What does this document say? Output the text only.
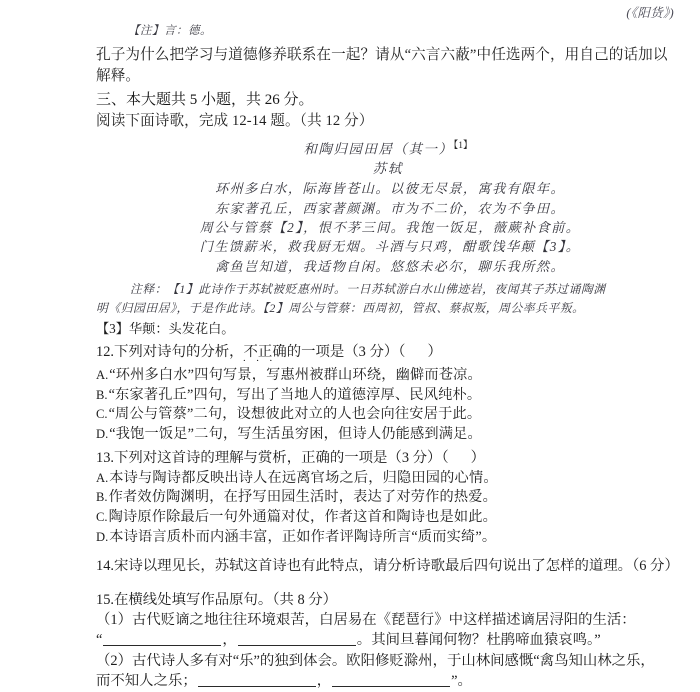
(《阳货》)
【注】言：德。
孔子为什么把学习与道德修养联系在一起？请从“六言六蔽”中任选两个，用自己的话加以
解释。
三、本大题共 5 小题，共 26 分。
阅读下面诗歌，完成 12-14 题。（共 12 分）
和陶归园田居（其一）$^{【1】}$
苏轼
环州多白水，际海皆苍山。以彼无尽景，寓我有限年。
东家著孔丘，西家著颜渊。市为不二价，农为不争田。
周公与管蔡【2】，恨不茅三间。我饱一饭足，薇蕨补食前。
门生馈薪米，救我厨无烟。斗酒与只鸡，酣歌饯华颠【3】。
禽鱼岂知道，我适物自闲。悠悠未必尔，聊乐我所然。
注释：【1】此诗作于苏轼被贬惠州时。一日苏轼游白水山佛迹岩，夜闻其子苏过诵陶渊
明《归园田居》，于是作此诗。【2】周公与管蔡：西周初，管叔、蔡叔叛，周公率兵平叛。
【3】华颠：头发花白。
12.下列对诗句的分析，不正确 · · ·的一项是（3 分）（ ）
A.“环州多白水”四句写景，写惠州被群山环绕，幽僻而苍凉。
B.“东家著孔丘”四句，写出了当地人的道德淳厚、民风纯朴。
C.“周公与管蔡”二句，设想彼此对立的人也会向往安居于此。
D.“我饱一饭足”二句，写生活虽穷困，但诗人仍能感到满足。
13.下列对这首诗的理解与赏析，正确的一项是（3 分）（ ）
A.本诗与陶诗都反映出诗人在远离官场之后，归隐田园的心情。
B.作者效仿陶渊明，在抒写田园生活时，表达了对劳作的热爱。
C.陶诗原作除最后一句外通篇对仗，作者这首和陶诗也是如此。
D.本诗语言质朴而内涵丰富，正如作者评陶诗所言“质而实绮”。
14.宋诗以理见长，苏轼这首诗也有此特点，请分析诗歌最后四句说出了怎样的道理。（6 分）
15.在横线处填写作品原句。（共 8 分）
（1）古代贬谪之地往往环境艰苦，白居易在《琵琶行》中这样描述谪居浔阳的生活：
“	，	。其间旦暮闻何物？杜鹃啼血猿哀鸣。”
（2）古代诗人多有对“乐”的独到体会。欧阳修贬滁州，于山林间感慨“禽鸟知山林之乐，
而不知人之乐；	，	”。
